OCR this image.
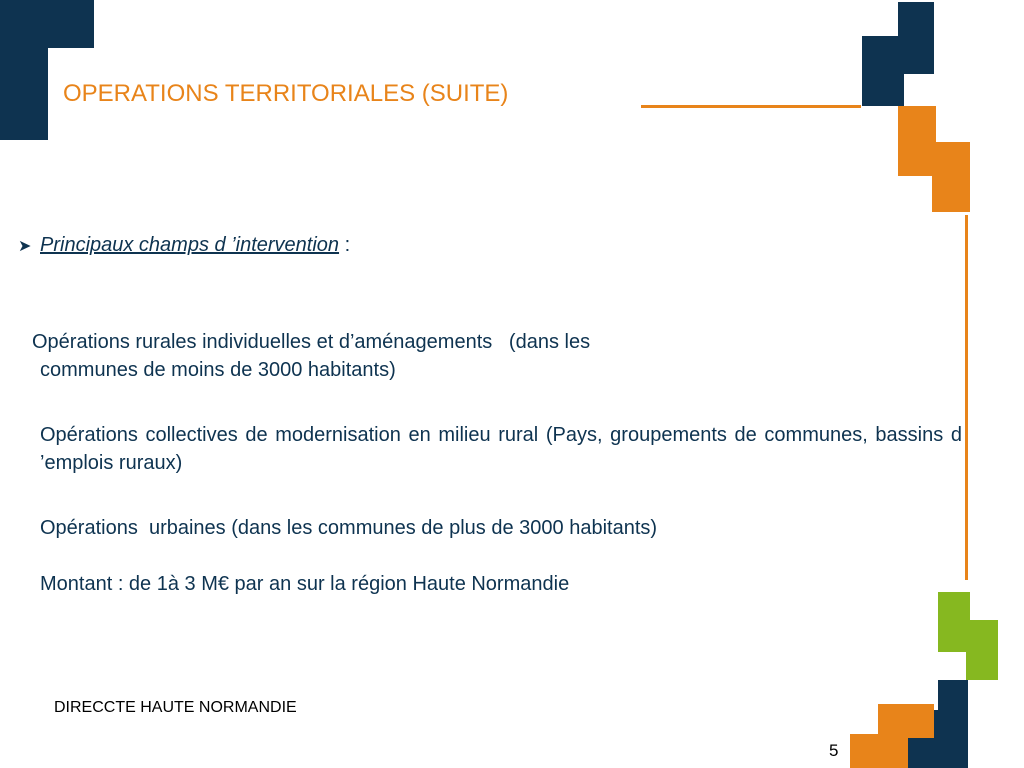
OPERATIONS TERRITORIALES (SUITE)
➤ Principaux champs d ’intervention :
Opérations rurales individuelles et d’aménagements   (dans les
communes de moins de 3000 habitants)
Opérations collectives de modernisation en milieu rural (Pays, groupements de communes, bassins d ’emplois ruraux)
Opérations  urbaines (dans les communes de plus de 3000 habitants)
Montant : de 1à 3 M€ par an sur la région Haute Normandie
DIRECCTE HAUTE NORMANDIE
5
